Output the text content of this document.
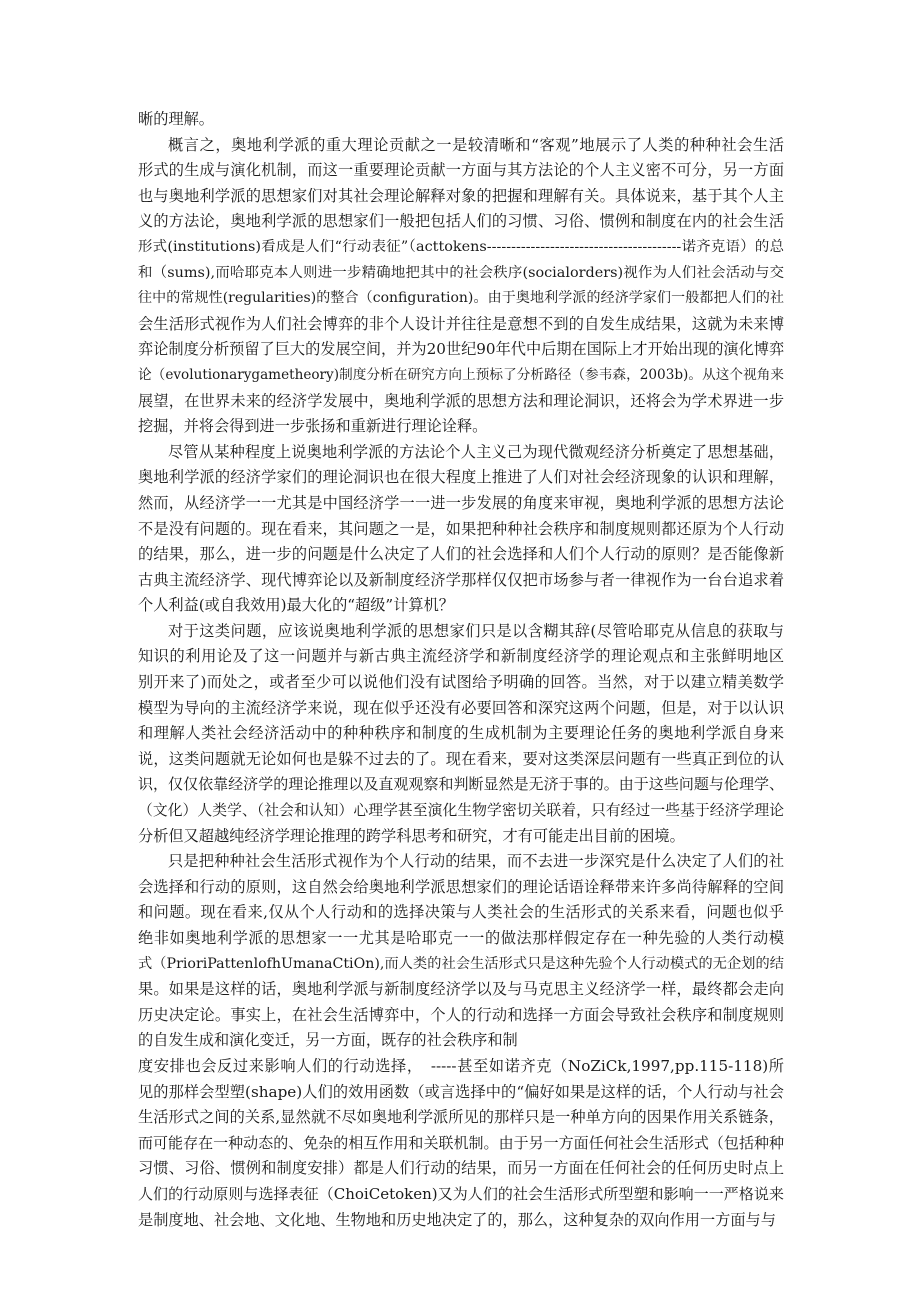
晰的理解。
概言之，奥地利学派的重大理论贡献之一是较清晰和“客观”地展示了人类的种种社会生活
形式的生成与演化机制，而这一重要理论贡献一方面与其方法论的个人主义密不可分，另一方面
也与奥地利学派的思想家们对其社会理论解释对象的把握和理解有关。具体说来，基于其个人主
义的方法论，奥地利学派的思想家们一般把包括人们的习惯、习俗、惯例和制度在内的社会生活
形式(institutions)看成是人们“行动表征”（acttokens----------------------------------------诺齐克语）的总
和（sums),而哈耶克本人则进一步精确地把其中的社会秩序(socialorders)视作为人们社会活动与交
往中的常规性(regularities)的整合（configuration)。由于奥地利学派的经济学家们一般都把人们的社
会生活形式视作为人们社会博弈的非个人设计并往往是意想不到的自发生成结果，这就为未来博
弈论制度分析预留了巨大的发展空间，并为20世纪90年代中后期在国际上才开始出现的演化博弈
论（evolutionarygametheory)制度分析在研究方向上预标了分析路径（参韦森，2003b)。从这个视角来
展望，在世界未来的经济学发展中，奥地利学派的思想方法和理论洞识，还将会为学术界进一步
挖掘，并将会得到进一步张扬和重新进行理论诠释。
尽管从某种程度上说奥地利学派的方法论个人主义己为现代微观经济分析奠定了思想基础，
奥地利学派的经济学家们的理论洞识也在很大程度上推进了人们对社会经济现象的认识和理解，
然而，从经济学一一尤其是中国经济学一一进一步发展的角度来审视，奥地利学派的思想方法论
不是没有问题的。现在看来，其问题之一是，如果把种种社会秩序和制度规则都还原为个人行动
的结果，那么，进一步的问题是什么决定了人们的社会选择和人们个人行动的原则？是否能像新
古典主流经济学、现代博弈论以及新制度经济学那样仅仅把市场参与者一律视作为一台台追求着
个人利益(或自我效用)最大化的“超级”计算机？
对于这类问题，应该说奥地利学派的思想家们只是以含糊其辞(尽管哈耶克从信息的获取与
知识的利用论及了这一问题并与新古典主流经济学和新制度经济学的理论观点和主张鲜明地区
别开来了)而处之，或者至少可以说他们没有试图给予明确的回答。当然，对于以建立精美数学
模型为导向的主流经济学来说，现在似乎还没有必要回答和深究这两个问题，但是，对于以认识
和理解人类社会经济活动中的种种秩序和制度的生成机制为主要理论任务的奥地利学派自身来
说，这类问题就无论如何也是躲不过去的了。现在看来，要对这类深层问题有一些真正到位的认
识，仅仅依靠经济学的理论推理以及直观观察和判断显然是无济于事的。由于这些问题与伦理学、
（文化）人类学、（社会和认知）心理学甚至演化生物学密切关联着，只有经过一些基于经济学理论
分析但又超越纯经济学理论推理的跨学科思考和研究，才有可能走出目前的困境。
只是把种种社会生活形式视作为个人行动的结果，而不去进一步深究是什么决定了人们的社
会选择和行动的原则，这自然会给奥地利学派思想家们的理论话语诠释带来许多尚待解释的空间
和问题。现在看来,仅从个人行动和的选择决策与人类社会的生活形式的关系来看，问题也似乎
绝非如奥地利学派的思想家一一尤其是哈耶克一一的做法那样假定存在一种先验的人类行动模
式（PrioriPattenlofhUmanaCtiOn),而人类的社会生活形式只是这种先验个人行动模式的无企划的结
果。如果是这样的话，奥地利学派与新制度经济学以及与马克思主义经济学一样，最终都会走向
历史决定论。事实上，在社会生活博弈中，个人的行动和选择一方面会导致社会秩序和制度规则
的自发生成和演化变迁，另一方面，既存的社会秩序和制
度安排也会反过来影响人们的行动选择，　-----甚至如诺齐克（NoZiCk,1997,pp.115-118)所
见的那样会型塑(shape)人们的效用函数（或言选择中的“偏好如果是这样的话，个人行动与社会
生活形式之间的关系,显然就不尽如奥地利学派所见的那样只是一种单方向的因果作用关系链条，
而可能存在一种动态的、免杂的相互作用和关联机制。由于另一方面任何社会生活形式（包括种种
习惯、习俗、惯例和制度安排）都是人们行动的结果，而另一方面在任何社会的任何历史时点上
人们的行动原则与选择表征（ChoiCetoken)又为人们的社会生活形式所型塑和影响一一严格说来
是制度地、社会地、文化地、生物地和历史地决定了的，那么，这种复杂的双向作用一方面与与
